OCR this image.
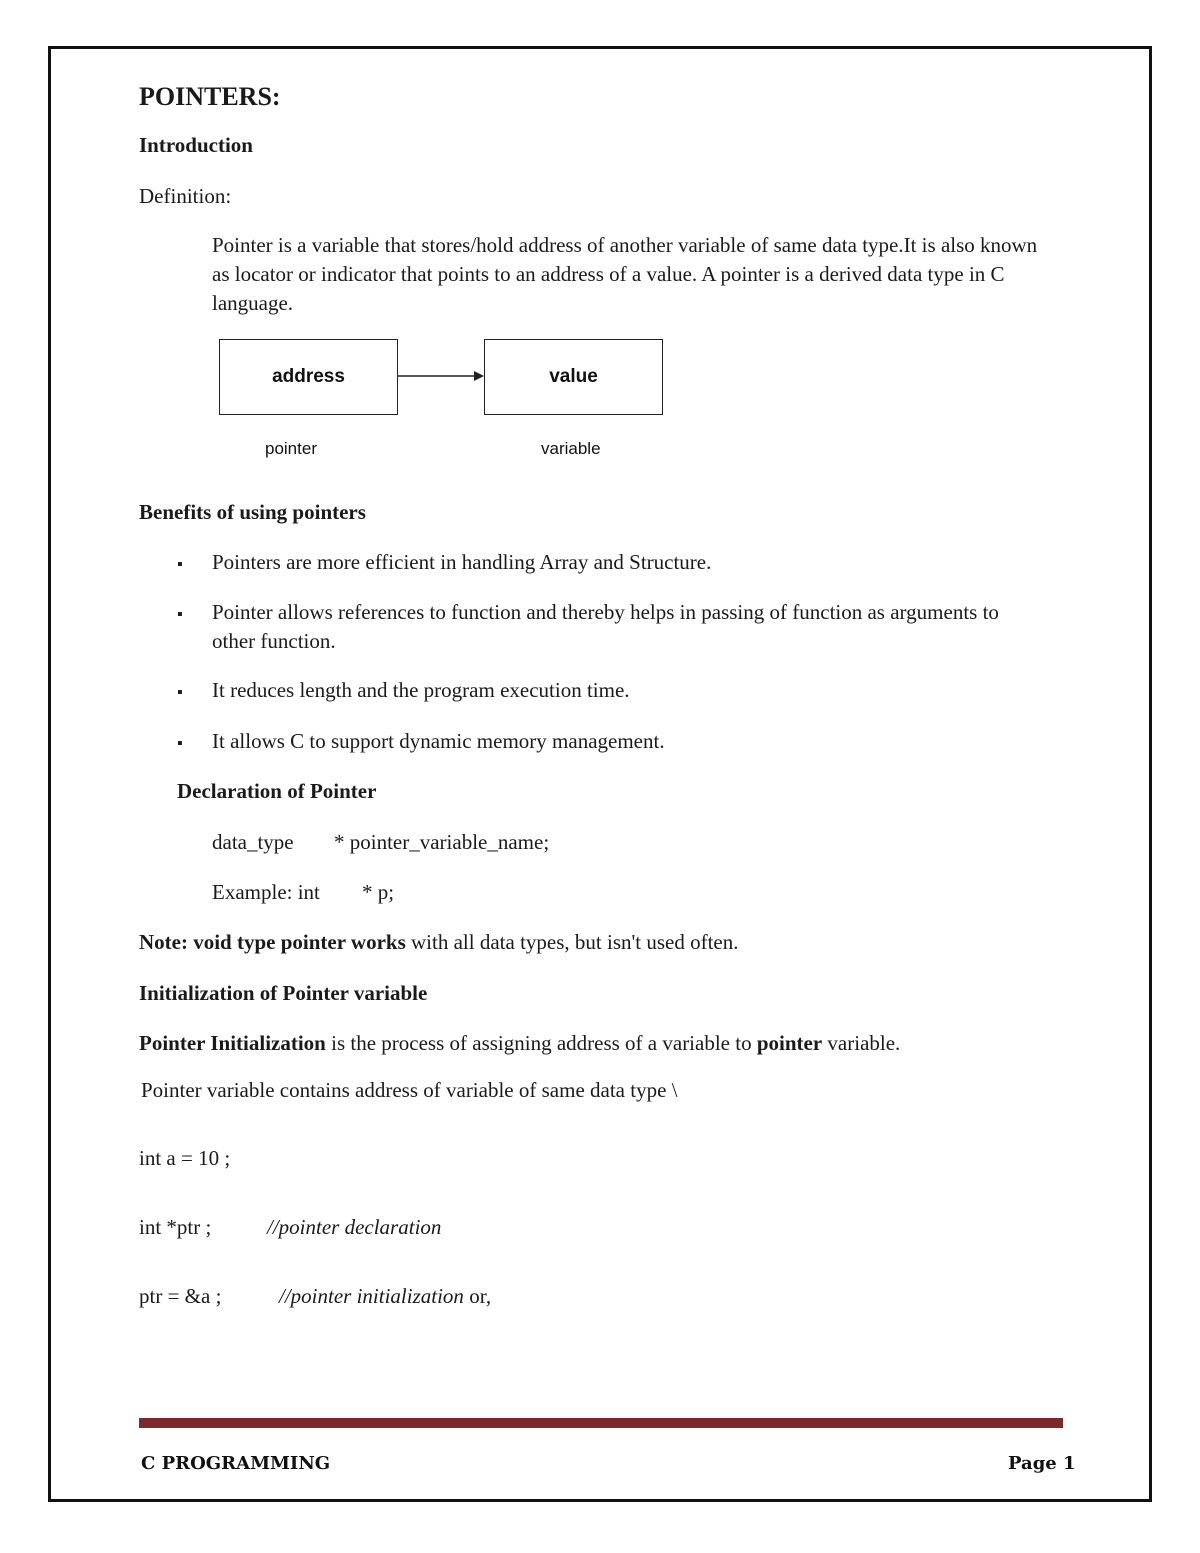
POINTERS:
Introduction
Definition:
Pointer is a variable that stores/hold address of another variable of same data type.It is also known as locator or indicator that points to an address of a value. A pointer is a derived data type in C language.
address	value
pointer	variable
Benefits of using pointers
▪ Pointers are more efficient in handling Array and Structure.
▪ Pointer allows references to function and thereby helps in passing of function as arguments to other function.
▪ It reduces length and the program execution time.
▪ It allows C to support dynamic memory management.
Declaration of Pointer
data_type * pointer_variable_name;
Example: int * p;
Note: void type pointer works with all data types, but isn't used often.
Initialization of Pointer variable
Pointer Initialization is the process of assigning address of a variable to pointer variable.
Pointer variable contains address of variable of same data type \
int a = 10 ;
int *ptr ;	//pointer declaration
ptr = &a ;	//pointer initialization or,
C PROGRAMMING	Page 1
